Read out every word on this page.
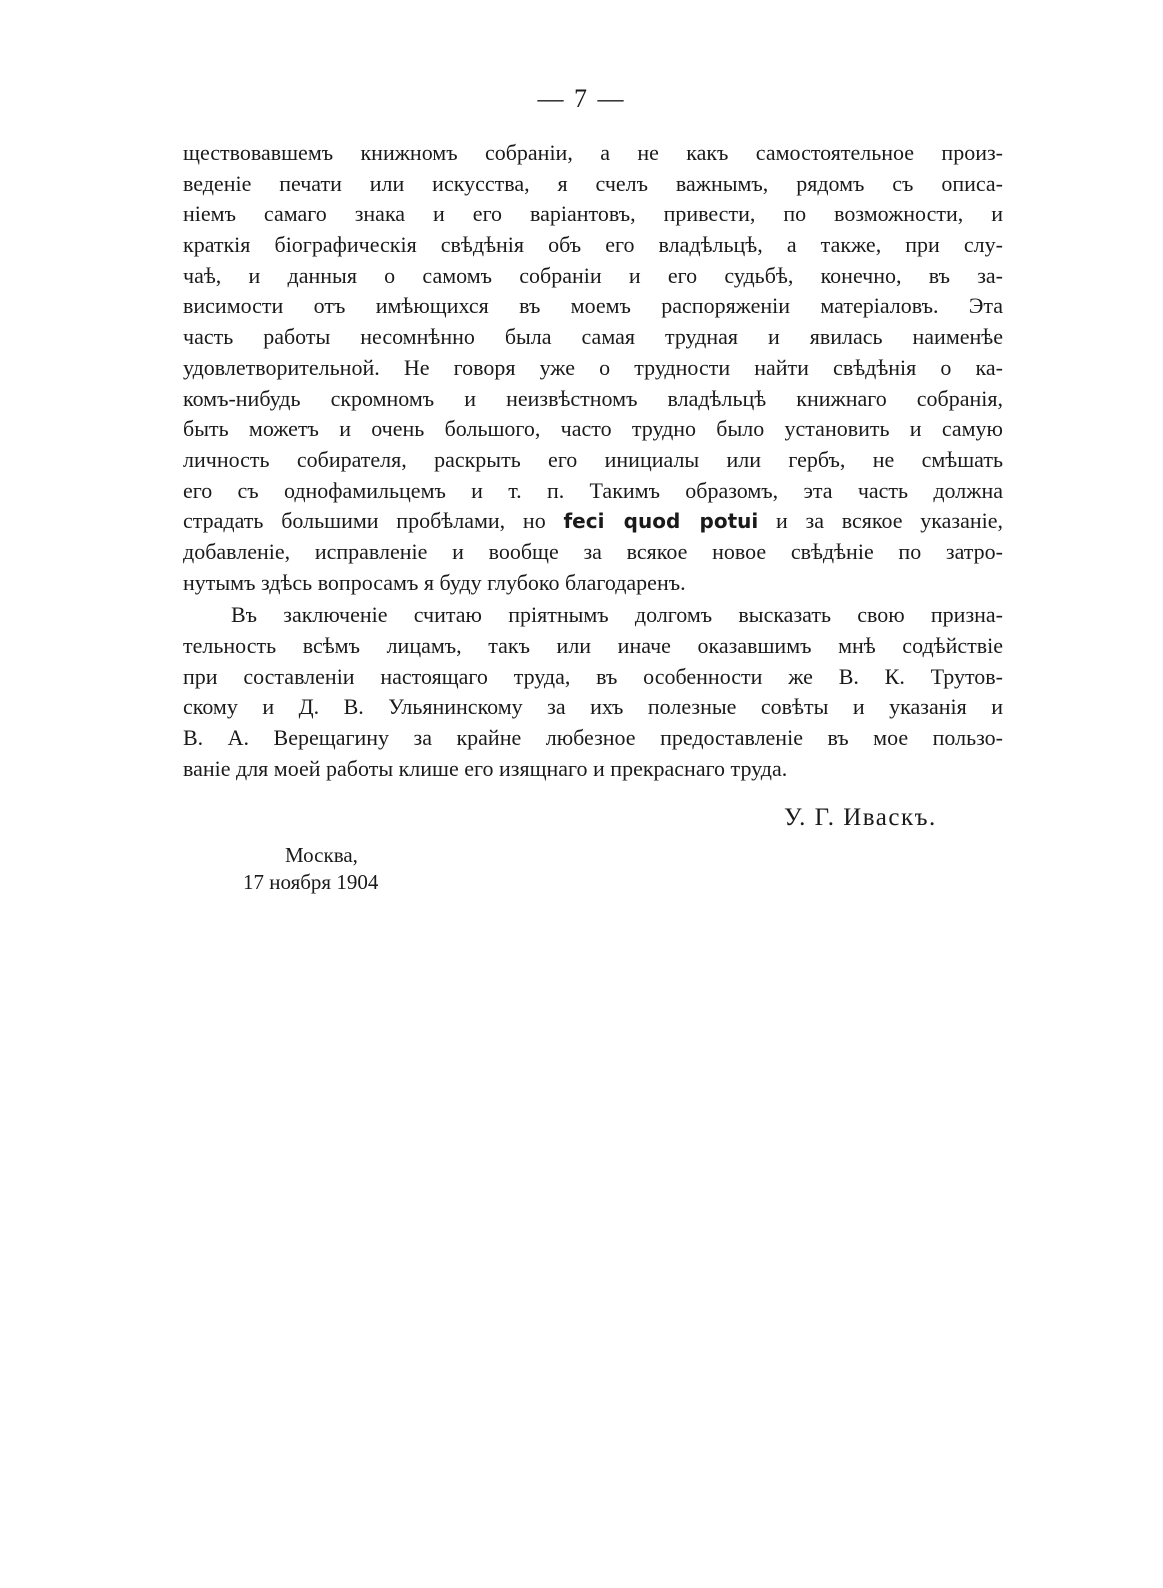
— 7 —
ществовавшемъ книжномъ собраніи, а не какъ самостоятельное произ-
веденіе печати или искусства, я счелъ важнымъ, рядомъ съ описа-
ніемъ самаго знака и его варіантовъ, привести, по возможности, и
краткія біографическія свѣдѣнія объ его владѣльцѣ, а также, при слу-
чаѣ, и данныя о самомъ собраніи и его судьбѣ, конечно, въ за-
висимости отъ имѣющихся въ моемъ распоряженіи матеріаловъ. Эта
часть работы несомнѣнно была самая трудная и явилась наименѣе
удовлетворительной. Не говоря уже о трудности найти свѣдѣнія о ка-
комъ-нибудь скромномъ и неизвѣстномъ владѣльцѣ книжнаго собранія,
быть можетъ и очень большого, часто трудно было установить и самую
личность собирателя, раскрыть его инициалы или гербъ, не смѣшать
его съ однофамильцемъ и т. п. Такимъ образомъ, эта часть должна
страдать большими пробѣлами, но feci quod potui и за всякое указаніе,
добавленіе, исправленіе и вообще за всякое новое свѣдѣніе по затро-
нутымъ здѣсь вопросамъ я буду глубоко благодаренъ.
Въ заключеніе считаю пріятнымъ долгомъ высказать свою призна-
тельность всѣмъ лицамъ, такъ или иначе оказавшимъ мнѣ содѣйствіе
при составленіи настоящаго труда, въ особенности же В. К. Трутов-
скому и Д. В. Ульянинскому за ихъ полезные совѣты и указанія и
В. А. Верещагину за крайне любезное предоставленіе въ мое пользо-
ваніе для моей работы клише его изящнаго и прекраснаго труда.
У. Г. Иваскъ.
Москва,
17 ноября 1904
